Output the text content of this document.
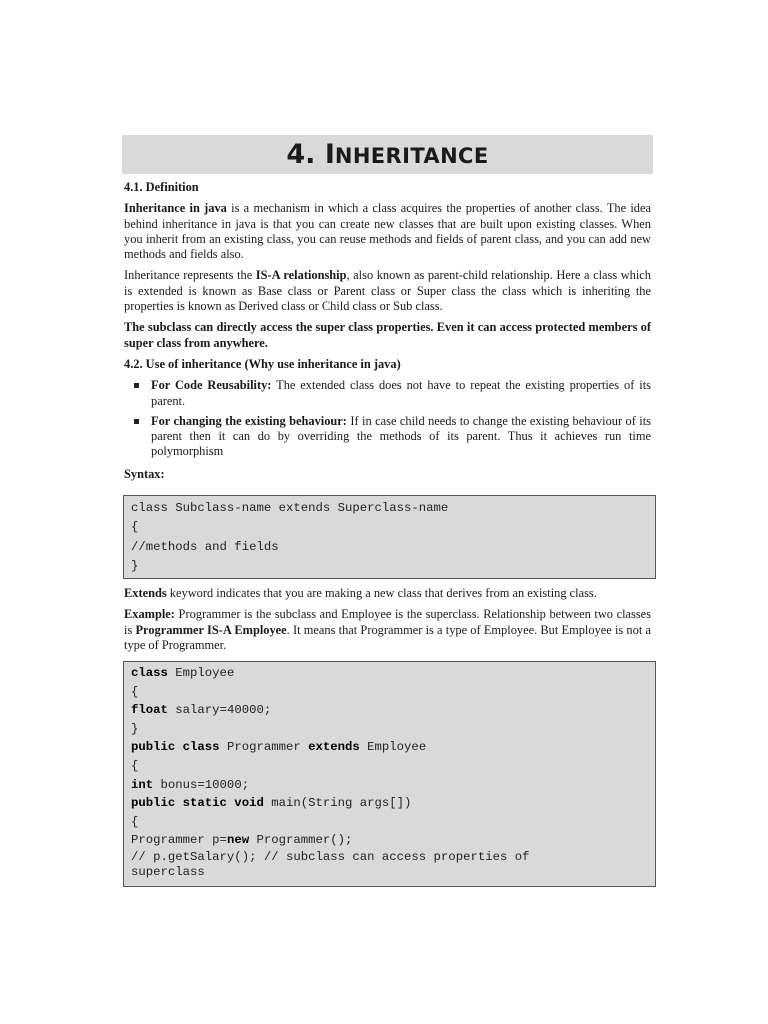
4. INHERITANCE
4.1. Definition

Inheritance in java is a mechanism in which a class acquires the properties of another class. The idea behind inheritance in java is that you can create new classes that are built upon existing classes. When you inherit from an existing class, you can reuse methods and fields of parent class, and you can add new methods and fields also.

Inheritance represents the IS-A relationship, also known as parent-child relationship. Here a class which is extended is known as Base class or Parent class or Super class the class which is inheriting the properties is known as Derived class or Child class or Sub class.

The subclass can directly access the super class properties. Even it can access protected members of super class from anywhere.

4.2. Use of inheritance (Why use inheritance in java)
For Code Reusability: The extended class does not have to repeat the existing properties of its parent.
For changing the existing behaviour: If in case child needs to change the existing behaviour of its parent then it can do by overriding the methods of its parent. Thus it achieves run time polymorphism
Syntax:
class Subclass-name extends Superclass-name
{
//methods and fields
}

Extends keyword indicates that you are making a new class that derives from an existing class.

Example: Programmer is the subclass and Employee is the superclass. Relationship between two classes is Programmer IS-A Employee. It means that Programmer is a type of Employee. But Employee is not a type of Programmer.

class Employee
{
float salary=40000;
}
public class Programmer extends Employee
{
int bonus=10000;
public static void main(String args[])
{
Programmer p=new Programmer();
// p.getSalary(); // subclass can access properties of
superclass
